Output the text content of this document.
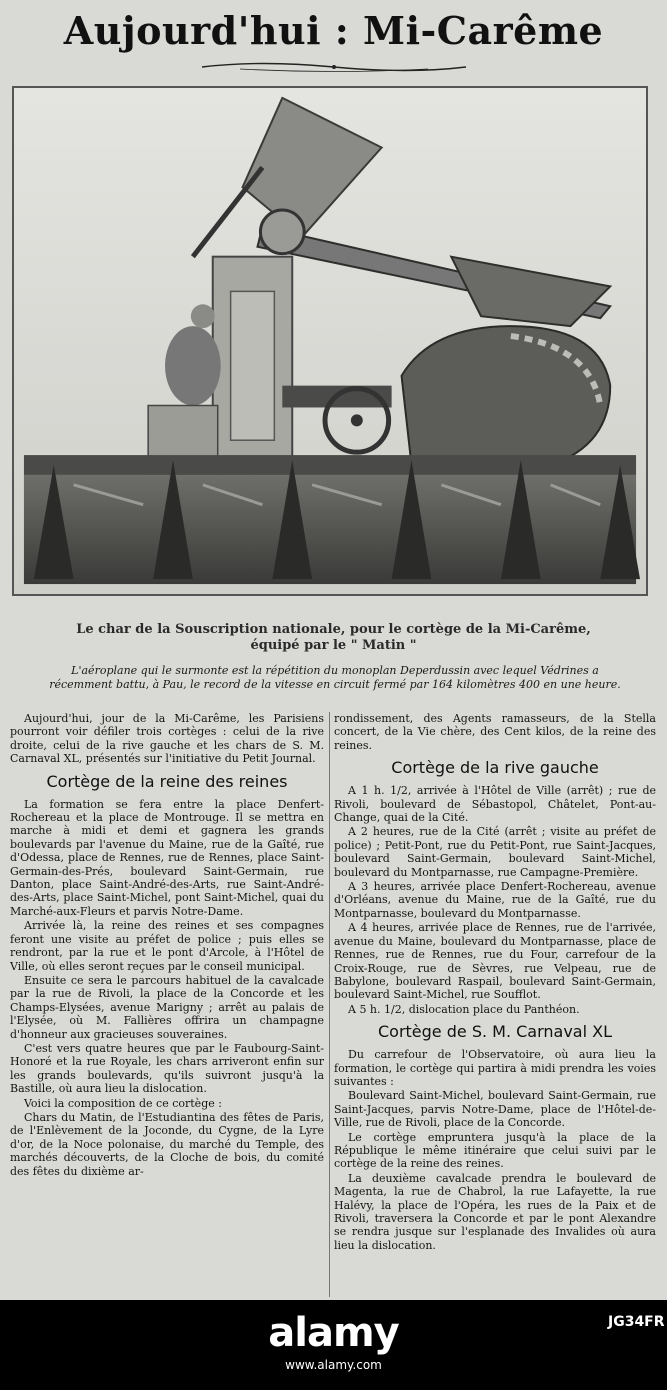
Aujourd'hui : Mi-Carême
Le char de la Souscription nationale, pour le cortège de la Mi-Carême,
équipé par le " Matin "
L'aéroplane qui le surmonte est la répétition du monoplan Deperdussin avec lequel Védrines a récemment battu, à Pau, le record de la vitesse en circuit fermé par 164 kilomètres 400 en une heure.

Aujourd'hui, jour de la Mi-Carême, les Parisiens pourront voir défiler trois cortèges : celui de la rive droite, celui de la rive gauche et les chars de S. M. Carnaval XL, présentés sur l'initiative du Petit Journal.

Cortège de la reine des reines

La formation se fera entre la place Denfert-Rochereau et la place de Montrouge. Il se mettra en marche à midi et demi et gagnera les grands boulevards par l'avenue du Maine, rue de la Gaîté, rue d'Odessa, place de Rennes, rue de Rennes, place Saint-Germain-des-Prés, boulevard Saint-Germain, rue Danton, place Saint-André-des-Arts, rue Saint-André-des-Arts, place Saint-Michel, pont Saint-Michel, quai du Marché-aux-Fleurs et parvis Notre-Dame.

Arrivée là, la reine des reines et ses compagnes feront une visite au préfet de police ; puis elles se rendront, par la rue et le pont d'Arcole, à l'Hôtel de Ville, où elles seront reçues par le conseil municipal.

Ensuite ce sera le parcours habituel de la cavalcade par la rue de Rivoli, la place de la Concorde et les Champs-Elysées, avenue Marigny ; arrêt au palais de l'Elysée, où M. Fallières offrira un champagne d'honneur aux gracieuses souveraines.

C'est vers quatre heures que par le Faubourg-Saint-Honoré et la rue Royale, les chars arriveront enfin sur les grands boulevards, qu'ils suivront jusqu'à la Bastille, où aura lieu la dislocation.

Voici la composition de ce cortège :

Chars du Matin, de l'Estudiantina des fêtes de Paris, de l'Enlèvement de la Joconde, du Cygne, de la Lyre d'or, de la Noce polonaise, du marché du Temple, des marchés découverts, de la Cloche de bois, du comité des fêtes du dixième ar-

rondissement, des Agents ramasseurs, de la Stella concert, de la Vie chère, des Cent kilos, de la reine des reines.

Cortège de la rive gauche

A 1 h. 1/2, arrivée à l'Hôtel de Ville (arrêt) ; rue de Rivoli, boulevard de Sébastopol, Châtelet, Pont-au-Change, quai de la Cité.

A 2 heures, rue de la Cité (arrêt ; visite au préfet de police) ; Petit-Pont, rue du Petit-Pont, rue Saint-Jacques, boulevard Saint-Germain, boulevard Saint-Michel, boulevard du Montparnasse, rue Campagne-Première.

A 3 heures, arrivée place Denfert-Rochereau, avenue d'Orléans, avenue du Maine, rue de la Gaîté, rue du Montparnasse, boulevard du Montparnasse.

A 4 heures, arrivée place de Rennes, rue de l'arrivée, avenue du Maine, boulevard du Montparnasse, place de Rennes, rue de Rennes, rue du Four, carrefour de la Croix-Rouge, rue de Sèvres, rue Velpeau, rue de Babylone, boulevard Raspail, boulevard Saint-Germain, boulevard Saint-Michel, rue Soufflot.

A 5 h. 1/2, dislocation place du Panthéon.

Cortège de S. M. Carnaval XL

Du carrefour de l'Observatoire, où aura lieu la formation, le cortège qui partira à midi prendra les voies suivantes :

Boulevard Saint-Michel, boulevard Saint-Germain, rue Saint-Jacques, parvis Notre-Dame, place de l'Hôtel-de-Ville, rue de Rivoli, place de la Concorde.

Le cortège empruntera jusqu'à la place de la République le même itinéraire que celui suivi par le cortège de la reine des reines.

La deuxième cavalcade prendra le boulevard de Magenta, la rue de Chabrol, la rue Lafayette, la rue Halévy, la place de l'Opéra, les rues de la Paix et de Rivoli, traversera la Concorde et par le pont Alexandre se rendra jusque sur l'esplanade des Invalides où aura lieu la dislocation.

alamy	JG34FR
www.alamy.com
